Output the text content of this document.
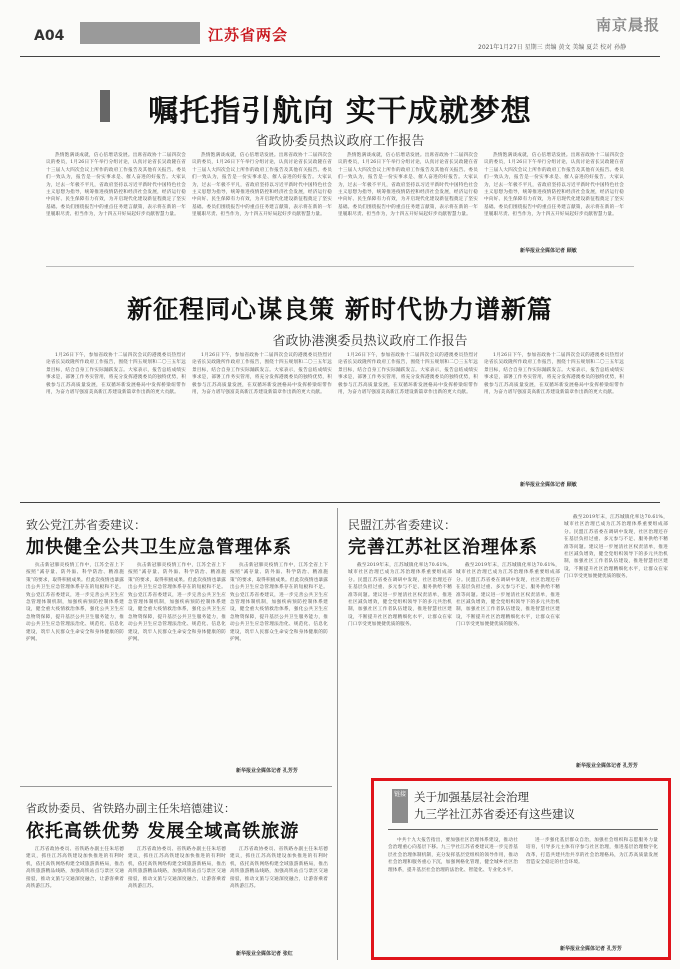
A04	江苏省两会
南京晨报
2021年1月27日 星期三 责编 黄文 美编 夏芸 校对 孙静
嘱托指引航向 实干成就梦想
省政协委员热议政府工作报告

热情饱满谈成就，信心倍增话发展。出席省政协十二届四次会议的委员，1月26日下午举行分组讨论，认真讨论省长吴政隆在省十三届人大四次会议上所作的政府工作报告及其他有关报告。委员们一致认为，报告是一份实事求是、催人奋进的好报告。大家认为，过去一年极不平凡，省政府坚持以习近平新时代中国特色社会主义思想为指导，统筹推进疫情防控和经济社会发展，经济运行稳中向好、民生保障有力有效，为开启现代化建设新征程奠定了坚实基础。委员们围绕报告中的重点任务建言献策，表示将在新的一年里履职尽责、担当作为，为十四五开好局起好步贡献智慧力量。

热情饱满谈成就，信心倍增话发展。出席省政协十二届四次会议的委员，1月26日下午举行分组讨论，认真讨论省长吴政隆在省十三届人大四次会议上所作的政府工作报告及其他有关报告。委员们一致认为，报告是一份实事求是、催人奋进的好报告。大家认为，过去一年极不平凡，省政府坚持以习近平新时代中国特色社会主义思想为指导，统筹推进疫情防控和经济社会发展，经济运行稳中向好、民生保障有力有效，为开启现代化建设新征程奠定了坚实基础。委员们围绕报告中的重点任务建言献策，表示将在新的一年里履职尽责、担当作为，为十四五开好局起好步贡献智慧力量。

热情饱满谈成就，信心倍增话发展。出席省政协十二届四次会议的委员，1月26日下午举行分组讨论，认真讨论省长吴政隆在省十三届人大四次会议上所作的政府工作报告及其他有关报告。委员们一致认为，报告是一份实事求是、催人奋进的好报告。大家认为，过去一年极不平凡，省政府坚持以习近平新时代中国特色社会主义思想为指导，统筹推进疫情防控和经济社会发展，经济运行稳中向好、民生保障有力有效，为开启现代化建设新征程奠定了坚实基础。委员们围绕报告中的重点任务建言献策，表示将在新的一年里履职尽责、担当作为，为十四五开好局起好步贡献智慧力量。

热情饱满谈成就，信心倍增话发展。出席省政协十二届四次会议的委员，1月26日下午举行分组讨论，认真讨论省长吴政隆在省十三届人大四次会议上所作的政府工作报告及其他有关报告。委员们一致认为，报告是一份实事求是、催人奋进的好报告。大家认为，过去一年极不平凡，省政府坚持以习近平新时代中国特色社会主义思想为指导，统筹推进疫情防控和经济社会发展，经济运行稳中向好、民生保障有力有效，为开启现代化建设新征程奠定了坚实基础。委员们围绕报告中的重点任务建言献策，表示将在新的一年里履职尽责、担当作为，为十四五开好局起好步贡献智慧力量。

新华报业全媒体记者 顾敏
新征程同心谋良策 新时代协力谱新篇
省政协港澳委员热议政府工作报告

1月26日下午，参加省政协十二届四次会议的港澳委员热烈讨论省长吴政隆所作政府工作报告，围绕十四五规划和二〇三五年远景目标，结合自身工作实际踊跃发言。大家表示，报告总结成绩实事求是，部署工作务实管用，将充分发挥港澳委员的独特优势，积极参与江苏高质量发展，在双循环新发展格局中发挥桥梁纽带作用，为奋力谱写强富美高新江苏建设新篇章作出新的更大贡献。

1月26日下午，参加省政协十二届四次会议的港澳委员热烈讨论省长吴政隆所作政府工作报告，围绕十四五规划和二〇三五年远景目标，结合自身工作实际踊跃发言。大家表示，报告总结成绩实事求是，部署工作务实管用，将充分发挥港澳委员的独特优势，积极参与江苏高质量发展，在双循环新发展格局中发挥桥梁纽带作用，为奋力谱写强富美高新江苏建设新篇章作出新的更大贡献。

1月26日下午，参加省政协十二届四次会议的港澳委员热烈讨论省长吴政隆所作政府工作报告，围绕十四五规划和二〇三五年远景目标，结合自身工作实际踊跃发言。大家表示，报告总结成绩实事求是，部署工作务实管用，将充分发挥港澳委员的独特优势，积极参与江苏高质量发展，在双循环新发展格局中发挥桥梁纽带作用，为奋力谱写强富美高新江苏建设新篇章作出新的更大贡献。

1月26日下午，参加省政协十二届四次会议的港澳委员热烈讨论省长吴政隆所作政府工作报告，围绕十四五规划和二〇三五年远景目标，结合自身工作实际踊跃发言。大家表示，报告总结成绩实事求是，部署工作务实管用，将充分发挥港澳委员的独特优势，积极参与江苏高质量发展，在双循环新发展格局中发挥桥梁纽带作用，为奋力谱写强富美高新江苏建设新篇章作出新的更大贡献。

新华报业全媒体记者 顾敏
致公党江苏省委建议：
加快健全公共卫生应急管理体系

抗击新冠肺炎疫情工作中，江苏全省上下按照“减存量、防外溢、科学防治、精准施策”的要求，取得积极成果。但此次疫情也暴露出公共卫生应急管理体系存在的短板和不足。致公党江苏省委建议，进一步完善公共卫生应急管理体制机制，加强疾病预防控制体系建设，健全重大疫情救治体系，强化公共卫生应急物资保障，提升基层公共卫生服务能力，推动公共卫生应急管理法治化、规范化、信息化建设，筑牢人民群众生命安全和身体健康的防护网。

抗击新冠肺炎疫情工作中，江苏全省上下按照“减存量、防外溢、科学防治、精准施策”的要求，取得积极成果。但此次疫情也暴露出公共卫生应急管理体系存在的短板和不足。致公党江苏省委建议，进一步完善公共卫生应急管理体制机制，加强疾病预防控制体系建设，健全重大疫情救治体系，强化公共卫生应急物资保障，提升基层公共卫生服务能力，推动公共卫生应急管理法治化、规范化、信息化建设，筑牢人民群众生命安全和身体健康的防护网。

抗击新冠肺炎疫情工作中，江苏全省上下按照“减存量、防外溢、科学防治、精准施策”的要求，取得积极成果。但此次疫情也暴露出公共卫生应急管理体系存在的短板和不足。致公党江苏省委建议，进一步完善公共卫生应急管理体制机制，加强疾病预防控制体系建设，健全重大疫情救治体系，强化公共卫生应急物资保障，提升基层公共卫生服务能力，推动公共卫生应急管理法治化、规范化、信息化建设，筑牢人民群众生命安全和身体健康的防护网。

新华报业全媒体记者 孔芳芳
民盟江苏省委建议：
完善江苏社区治理体系

截至2019年末，江苏城镇化率达70.61%，城市社区治理已成为江苏治理体系重要组成部分。民盟江苏省委在调研中发现，社区治理还存在基层负担过重、多元参与不足、服务供给不精准等问题。建议进一步厘清社区权责清单，推进社区减负增效，健全党组织领导下的多元共治机制，加强社区工作者队伍建设，推进智慧社区建设，不断提升社区治理精细化水平，让群众在家门口享受更加便捷优质的服务。

截至2019年末，江苏城镇化率达70.61%，城市社区治理已成为江苏治理体系重要组成部分。民盟江苏省委在调研中发现，社区治理还存在基层负担过重、多元参与不足、服务供给不精准等问题。建议进一步厘清社区权责清单，推进社区减负增效，健全党组织领导下的多元共治机制，加强社区工作者队伍建设，推进智慧社区建设，不断提升社区治理精细化水平，让群众在家门口享受更加便捷优质的服务。

截至2019年末，江苏城镇化率达70.61%，城市社区治理已成为江苏治理体系重要组成部分。民盟江苏省委在调研中发现，社区治理还存在基层负担过重、多元参与不足、服务供给不精准等问题。建议进一步厘清社区权责清单，推进社区减负增效，健全党组织领导下的多元共治机制，加强社区工作者队伍建设，推进智慧社区建设，不断提升社区治理精细化水平，让群众在家门口享受更加便捷优质的服务。

新华报业全媒体记者 孔芳芳
省政协委员、省铁路办副主任朱培德建议：
依托高铁优势 发展全域高铁旅游

江苏省政协委员、省铁路办副主任朱培德建议，抓住江苏高铁建设加快推进的有利时机，依托高铁网络构建全域旅游新格局，推出高铁旅游精品线路，加强高铁站点与景区交通接驳，推动文旅与交通深度融合，让游客乘着高铁游江苏。

江苏省政协委员、省铁路办副主任朱培德建议，抓住江苏高铁建设加快推进的有利时机，依托高铁网络构建全域旅游新格局，推出高铁旅游精品线路，加强高铁站点与景区交通接驳，推动文旅与交通深度融合，让游客乘着高铁游江苏。

江苏省政协委员、省铁路办副主任朱培德建议，抓住江苏高铁建设加快推进的有利时机，依托高铁网络构建全域旅游新格局，推出高铁旅游精品线路，加强高铁站点与景区交通接驳，推动文旅与交通深度融合，让游客乘着高铁游江苏。

新华报业全媒体记者 张红
链接 关于加强基层社会治理
九三学社江苏省委还有这些建议

中共十九大报告指出，要加强社区治理体系建设，推动社会治理重心向基层下移。九三学社江苏省委建议进一步完善基层社会治理体制机制，充分发挥基层党组织的领导作用，推动社会治理和服务重心下沉，加强网格化管理，健全城乡社区治理体系，提升基层社会治理的法治化、智能化、专业化水平。

进一步强化基层群众自治，加强社会组织和志愿服务力量培育，引导多元主体有序参与社区治理，推进基层治理数字化改革，打造共建共治共享的社会治理格局，为江苏高质量发展营造安全稳定的社会环境。

新华报业全媒体记者 孔芳芳
